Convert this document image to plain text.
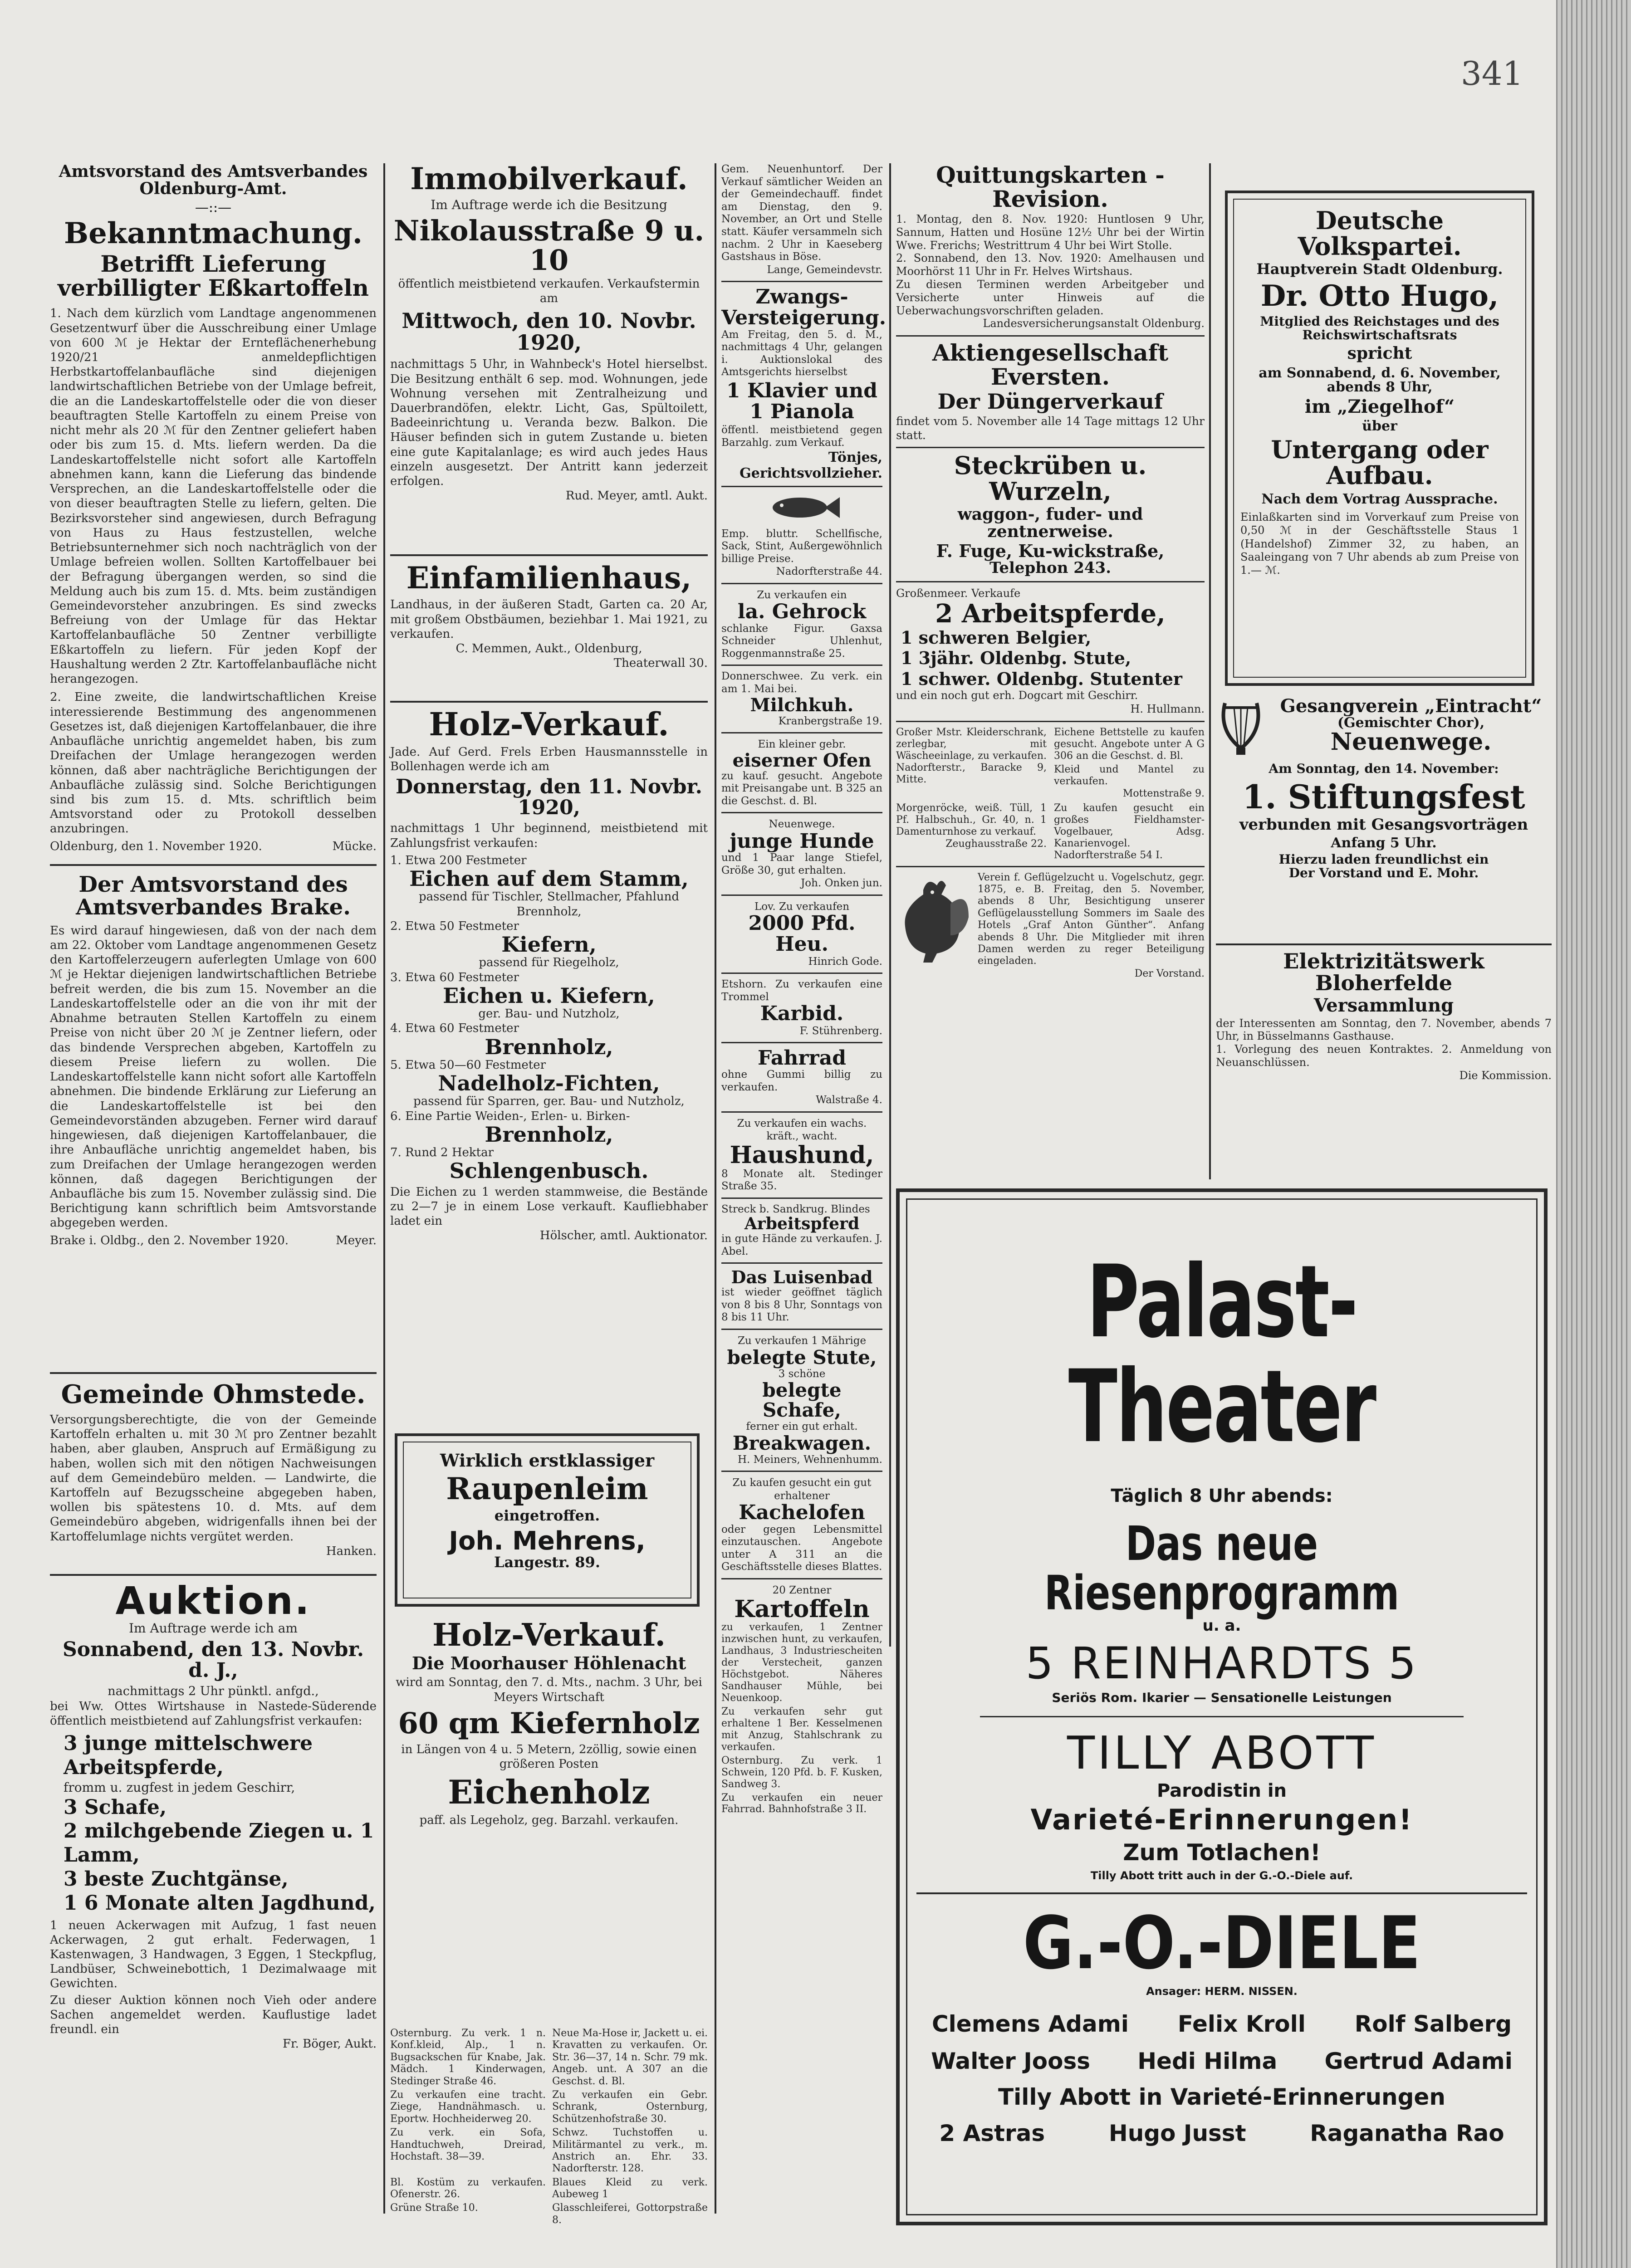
341
Amtsvorstand des Amtsverbandes Oldenburg-Amt.
—::—
Bekanntmachung.
Betrifft Lieferung verbilligter Eßkartoffeln
1. Nach dem kürzlich vom Landtage angenommenen Gesetzentwurf über die Ausschreibung einer Umlage von 600 ℳ je Hektar der Ernteflächenerhebung 1920/21 anmeldepflichtigen Herbstkartoffelanbaufläche sind diejenigen landwirtschaftlichen Betriebe von der Umlage befreit, die an die Landeskartoffelstelle oder die von dieser beauftragten Stelle Kartoffeln zu einem Preise von nicht mehr als 20 ℳ für den Zentner geliefert haben oder bis zum 15. d. Mts. liefern werden. Da die Landeskartoffelstelle nicht sofort alle Kartoffeln abnehmen kann, kann die Lieferung das bindende Versprechen, an die Landeskartoffelstelle oder die von dieser beauftragten Stelle zu liefern, gelten. Die Bezirksvorsteher sind angewiesen, durch Befragung von Haus zu Haus festzustellen, welche Betriebsunternehmer sich noch nachträglich von der Umlage befreien wollen. Sollten Kartoffelbauer bei der Befragung übergangen werden, so sind die Meldung auch bis zum 15. d. Mts. beim zuständigen Gemeindevorsteher anzubringen. Es sind zwecks Befreiung von der Umlage für das Hektar Kartoffelanbaufläche 50 Zentner verbilligte Eßkartoffeln zu liefern. Für jeden Kopf der Haushaltung werden 2 Ztr. Kartoffelanbaufläche nicht herangezogen.
2. Eine zweite, die landwirtschaftlichen Kreise interessierende Bestimmung des angenommenen Gesetzes ist, daß diejenigen Kartoffelanbauer, die ihre Anbaufläche unrichtig angemeldet haben, bis zum Dreifachen der Umlage herangezogen werden können, daß aber nachträgliche Berichtigungen der Anbaufläche zulässig sind. Solche Berichtigungen sind bis zum 15. d. Mts. schriftlich beim Amtsvorstand oder zu Protokoll desselben anzubringen.
Oldenburg, den 1. November 1920.	Mücke.
Der Amtsvorstand des Amtsverbandes Brake.
Es wird darauf hingewiesen, daß von der nach dem am 22. Oktober vom Landtage angenommenen Gesetz den Kartoffelerzeugern auferlegten Umlage von 600 ℳ je Hektar diejenigen landwirtschaftlichen Betriebe befreit werden, die bis zum 15. November an die Landeskartoffelstelle oder an die von ihr mit der Abnahme betrauten Stellen Kartoffeln zu einem Preise von nicht über 20 ℳ je Zentner liefern, oder das bindende Versprechen abgeben, Kartoffeln zu diesem Preise liefern zu wollen. Die Landeskartoffelstelle kann nicht sofort alle Kartoffeln abnehmen. Die bindende Erklärung zur Lieferung an die Landeskartoffelstelle ist bei den Gemeindevorständen abzugeben. Ferner wird darauf hingewiesen, daß diejenigen Kartoffelanbauer, die ihre Anbaufläche unrichtig angemeldet haben, bis zum Dreifachen der Umlage herangezogen werden können, daß dagegen Berichtigungen der Anbaufläche bis zum 15. November zulässig sind. Die Berichtigung kann schriftlich beim Amtsvorstande abgegeben werden.
Brake i. Oldbg., den 2. November 1920.	Meyer.
Gemeinde Ohmstede.
Versorgungsberechtigte, die von der Gemeinde Kartoffeln erhalten u. mit 30 ℳ pro Zentner bezahlt haben, aber glauben, Anspruch auf Ermäßigung zu haben, wollen sich mit den nötigen Nachweisungen auf dem Gemeindebüro melden. — Landwirte, die Kartoffeln auf Bezugsscheine abgegeben haben, wollen bis spätestens 10. d. Mts. auf dem Gemeindebüro abgeben, widrigenfalls ihnen bei der Kartoffelumlage nichts vergütet werden.
Hanken.
Auktion.
Im Auftrage werde ich am
Sonnabend, den 13. Novbr. d. J.,
nachmittags 2 Uhr pünktl. anfgd.,
bei Ww. Ottes Wirtshause in Nastede-Süderende öffentlich meistbietend auf Zahlungsfrist verkaufen:
3 junge mittelschwere Arbeitspferde,
fromm u. zugfest in jedem Geschirr,
3 Schafe,
2 milchgebende Ziegen u. 1 Lamm,
3 beste Zuchtgänse,
1 6 Monate alten Jagdhund,
1 neuen Ackerwagen mit Aufzug, 1 fast neuen Ackerwagen, 2 gut erhalt. Federwagen, 1 Kastenwagen, 3 Handwagen, 3 Eggen, 1 Steckpflug, Landbüser, Schweinebottich, 1 Dezimalwaage mit Gewichten.
Zu dieser Auktion können noch Vieh oder andere Sachen angemeldet werden. Kauflustige ladet freundl. ein
Fr. Böger, Aukt.
Immobilverkauf.
Im Auftrage werde ich die Besitzung
Nikolausstraße 9 u. 10
öffentlich meistbietend verkaufen. Verkaufstermin am
Mittwoch, den 10. Novbr. 1920,
nachmittags 5 Uhr, in Wahnbeck's Hotel hierselbst. Die Besitzung enthält 6 sep. mod. Wohnungen, jede Wohnung versehen mit Zentralheizung und Dauerbrandöfen, elektr. Licht, Gas, Spültoilett, Badeeinrichtung u. Veranda bezw. Balkon. Die Häuser befinden sich in gutem Zustande u. bieten eine gute Kapitalanlage; es wird auch jedes Haus einzeln ausgesetzt. Der Antritt kann jederzeit erfolgen.
Rud. Meyer, amtl. Aukt.
Einfamilienhaus,
Landhaus, in der äußeren Stadt, Garten ca. 20 Ar, mit großem Obstbäumen, beziehbar 1. Mai 1921, zu verkaufen.
C. Memmen, Aukt., Oldenburg,
Theaterwall 30.
Holz-Verkauf.
Jade. Auf Gerd. Frels Erben Hausmannsstelle in Bollenhagen werde ich am
Donnerstag, den 11. Novbr. 1920,
nachmittags 1 Uhr beginnend, meistbietend mit Zahlungsfrist verkaufen:
1. Etwa 200 Festmeter
Eichen auf dem Stamm,
passend für Tischler, Stellmacher, Pfahlund Brennholz,
2. Etwa 50 Festmeter
Kiefern,
passend für Riegelholz,
3. Etwa 60 Festmeter
Eichen u. Kiefern,
ger. Bau- und Nutzholz,
4. Etwa 60 Festmeter
Brennholz,
5. Etwa 50—60 Festmeter
Nadelholz-Fichten,
passend für Sparren, ger. Bau- und Nutzholz,
6. Eine Partie Weiden-, Erlen- u. Birken-
Brennholz,
7. Rund 2 Hektar
Schlengenbusch.
Die Eichen zu 1 werden stammweise, die Bestände zu 2—7 je in einem Lose verkauft. Kaufliebhaber ladet ein
Hölscher, amtl. Auktionator.
Wirklich erstklassiger
Raupenleim
eingetroffen.
Joh. Mehrens,
Langestr. 89.
Holz-Verkauf.
Die Moorhauser Höhlenacht
wird am Sonntag, den 7. d. Mts., nachm. 3 Uhr, bei Meyers Wirtschaft
60 qm Kiefernholz
in Längen von 4 u. 5 Metern, 2zöllig, sowie einen größeren Posten
Eichenholz
paff. als Legeholz, geg. Barzahl. verkaufen.
Osternburg. Zu verk. 1 n. Konf.kleid, Alp., 1 n. Bugsackschen für Knabe, Jak. Mädch. 1 Kinderwagen, Stedinger Straße 46.
Neue Ma-Hose ir, Jackett u. ei. Kravatten zu verkaufen. Or. Str. 36—37, 14 n. Schr. 79 mk. Angeb. unt. A 307 an die Geschst. d. Bl.
Zu verkaufen eine tracht. Ziege, Handnähmasch. u. Eportw. Hochheiderweg 20.
Zu verkaufen ein Gebr. Schrank, Osternburg, Schützenhofstraße 30.
Zu verk. ein Sofa, Handtuchweh, Dreirad, Hochstaft. 38—39.
Schwz. Tuchstoffen u. Militärmantel zu verk., m. Anstrich an. Ehr. 33. Nadorfterstr. 128.
Bl. Kostüm zu verkaufen. Ofenerstr. 26.
Blaues Kleid zu verk. Aubeweg 1
Grüne Straße 10.	Glasschleiferei, Gottorpstraße 8.
Gem. Neuenhuntorf. Der Verkauf sämtlicher Weiden an der Gemeindechauff. findet am Dienstag, den 9. November, an Ort und Stelle statt. Käufer versammeln sich nachm. 2 Uhr in Kaeseberg Gastshaus in Böse.
Lange, Gemeindevstr.
Zwangs-Versteigerung.
Am Freitag, den 5. d. M., nachmittags 4 Uhr, gelangen i. Auktionslokal des Amtsgerichts hierselbst
1 Klavier und 1 Pianola
öffentl. meistbietend gegen Barzahlg. zum Verkauf.
Tönjes, Gerichtsvollzieher.
Emp. bluttr. Schellfische, Sack, Stint, Außergewöhnlich billige Preise.
Nadorfterstraße 44.
Zu verkaufen ein
la. Gehrock
schlanke Figur. Gaxsa Schneider Uhlenhut, Roggenmannstraße 25.
Donnerschwee. Zu verk. ein am 1. Mai bei.
Milchkuh.
Kranbergstraße 19.
Ein kleiner gebr.
eiserner Ofen
zu kauf. gesucht. Angebote mit Preisangabe unt. B 325 an die Geschst. d. Bl.
Neuenwege.
junge Hunde
und 1 Paar lange Stiefel, Größe 30, gut erhalten.
Joh. Onken jun.
Lov. Zu verkaufen
2000 Pfd. Heu.
Hinrich Gode.
Etshorn. Zu verkaufen eine Trommel
Karbid.
F. Stührenberg.
Fahrrad
ohne Gummi billig zu verkaufen.
Walstraße 4.
Zu verkaufen ein wachs. kräft., wacht.
Haushund,
8 Monate alt. Stedinger Straße 35.
Streck b. Sandkrug. Blindes
Arbeitspferd
in gute Hände zu verkaufen. J. Abel.
Das Luisenbad
ist wieder geöffnet täglich von 8 bis 8 Uhr, Sonntags von 8 bis 11 Uhr.
Zu verkaufen 1 Mährige
belegte Stute,
3 schöne
belegte Schafe,
ferner ein gut erhalt.
Breakwagen.
H. Meiners, Wehnenhumm.
Zu kaufen gesucht ein gut erhaltener
Kachelofen
oder gegen Lebensmittel einzutauschen. Angebote unter A 311 an die Geschäftsstelle dieses Blattes.
20 Zentner
Kartoffeln
zu verkaufen, 1 Zentner inzwischen hunt, zu verkaufen, Landhaus, 3 Industriescheiten der Verstecheit, ganzen Höchstgebot. Näheres Sandhauser Mühle, bei Neuenkoop.
Zu verkaufen sehr gut erhaltene 1 Ber. Kesselmenen mit Anzug, Stahlschrank zu verkaufen.
Osternburg. Zu verk. 1 Schwein, 120 Pfd. b. F. Kusken, Sandweg 3.
Zu verkaufen ein neuer Fahrrad. Bahnhofstraße 3 II.
Quittungskarten - Revision.
1. Montag, den 8. Nov. 1920: Huntlosen 9 Uhr, Sannum, Hatten und Hosüne 12½ Uhr bei der Wirtin Wwe. Frerichs; Westrittrum 4 Uhr bei Wirt Stolle.
2. Sonnabend, den 13. Nov. 1920: Amelhausen und Moorhörst 11 Uhr in Fr. Helves Wirtshaus.
Zu diesen Terminen werden Arbeitgeber und Versicherte unter Hinweis auf die Ueberwachungsvorschriften geladen.
Landesversicherungsanstalt Oldenburg.
Aktiengesellschaft Eversten.
Der Düngerverkauf
findet vom 5. November alle 14 Tage mittags 12 Uhr statt.
Steckrüben u. Wurzeln,
waggon-, fuder- und zentnerweise.
F. Fuge, Ku-wickstraße,
Telephon 243.
Großenmeer. Verkaufe
2 Arbeitspferde,
1 schweren Belgier,
1 3jähr. Oldenbg. Stute,
1 schwer. Oldenbg. Stutenter
und ein noch gut erh. Dogcart mit Geschirr.
H. Hullmann.
Großer Mstr. Kleiderschrank, zerlegbar, mit Wäscheeinlage, zu verkaufen. Nadorfterstr., Baracke 9, Mitte.
Eichene Bettstelle zu kaufen gesucht. Angebote unter A G 306 an die Geschst. d. Bl.
Kleid und Mantel zu verkaufen.
Mottenstraße 9.
Morgenröcke, weiß. Tüll, 1 Pf. Halbschuh., Gr. 40, n. 1 Damenturnhose zu verkauf.
Zeughausstraße 22.
Zu kaufen gesucht ein großes Fieldhamster-Vogelbauer, Adsg. Kanarienvogel. Nadorfterstraße 54 I.
Verein f. Geflügelzucht u. Vogelschutz, gegr. 1875, e. B. Freitag, den 5. November, abends 8 Uhr, Besichtigung unserer Geflügelausstellung Sommers im Saale des Hotels „Graf Anton Günther“. Anfang abends 8 Uhr. Die Mitglieder mit ihren Damen werden zu reger Beteiligung eingeladen.
Der Vorstand.
Deutsche Volkspartei.
Hauptverein Stadt Oldenburg.
Dr. Otto Hugo,
Mitglied des Reichstages und des Reichswirtschaftsrats
spricht
am Sonnabend, d. 6. November, abends 8 Uhr,
im „Ziegelhof“
über
Untergang oder Aufbau.
Nach dem Vortrag Aussprache.
Einlaßkarten sind im Vorverkauf zum Preise von 0,50 ℳ in der Geschäftsstelle Staus 1 (Handelshof) Zimmer 32, zu haben, an Saaleingang von 7 Uhr abends ab zum Preise von 1.— ℳ.
Gesangverein „Eintracht“
(Gemischter Chor),
Neuenwege.
Am Sonntag, den 14. November:
1. Stiftungsfest
verbunden mit Gesangsvorträgen
Anfang 5 Uhr.
Hierzu laden freundlichst ein
Der Vorstand und E. Mohr.
Elektrizitätswerk Bloherfelde
Versammlung
der Interessenten am Sonntag, den 7. November, abends 7 Uhr, in Büsselmanns Gasthause.
1. Vorlegung des neuen Kontraktes. 2. Anmeldung von Neuanschlüssen.
Die Kommission.
Palast-Theater
Täglich 8 Uhr abends:
Das neue Riesenprogramm
u. a.
5 REINHARDTS 5
Seriös Rom. Ikarier — Sensationelle Leistungen
TILLY ABOTT
Parodistin in
Varieté-Erinnerungen!
Zum Totlachen!
Tilly Abott tritt auch in der G.-O.-Diele auf.
G.-O.-DIELE
Ansager: HERM. NISSEN.
Clemens Adami Felix Kroll Rolf Salberg
Walter Jooss Hedi Hilma Gertrud Adami
Tilly Abott in Varieté-Erinnerungen
2 Astras	Hugo Jusst	Raganatha Rao
